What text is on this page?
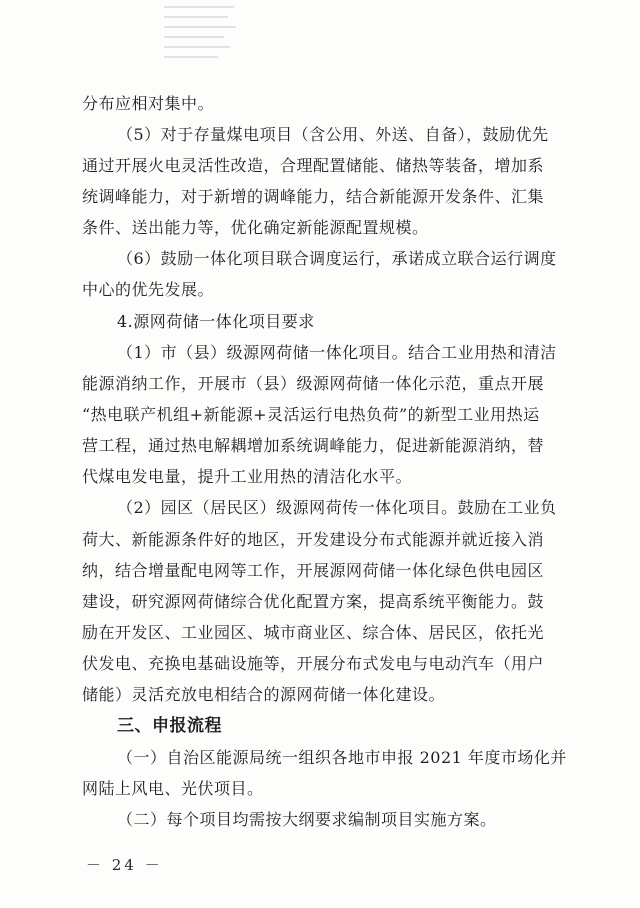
分布应相对集中。
（5）对于存量煤电项目（含公用、外送、自备），鼓励优先
通过开展火电灵活性改造，合理配置储能、储热等装备，增加系
统调峰能力，对于新增的调峰能力，结合新能源开发条件、汇集
条件、送出能力等，优化确定新能源配置规模。
（6）鼓励一体化项目联合调度运行，承诺成立联合运行调度
中心的优先发展。
4.源网荷储一体化项目要求
（1）市（县）级源网荷储一体化项目。结合工业用热和清洁
能源消纳工作，开展市（县）级源网荷储一体化示范，重点开展
“热电联产机组+新能源+灵活运行电热负荷”的新型工业用热运
营工程，通过热电解耦增加系统调峰能力，促进新能源消纳，替
代煤电发电量，提升工业用热的清洁化水平。
（2）园区（居民区）级源网荷传一体化项目。鼓励在工业负
荷大、新能源条件好的地区，开发建设分布式能源并就近接入消
纳，结合增量配电网等工作，开展源网荷储一体化绿色供电园区
建设，研究源网荷储综合优化配置方案，提高系统平衡能力。鼓
励在开发区、工业园区、城市商业区、综合体、居民区，依托光
伏发电、充换电基础设施等，开展分布式发电与电动汽车（用户
储能）灵活充放电相结合的源网荷储一体化建设。
三、申报流程
（一）自治区能源局统一组织各地市申报 2021 年度市场化并
网陆上风电、光伏项目。
（二）每个项目均需按大纲要求编制项目实施方案。
－ 24 －
